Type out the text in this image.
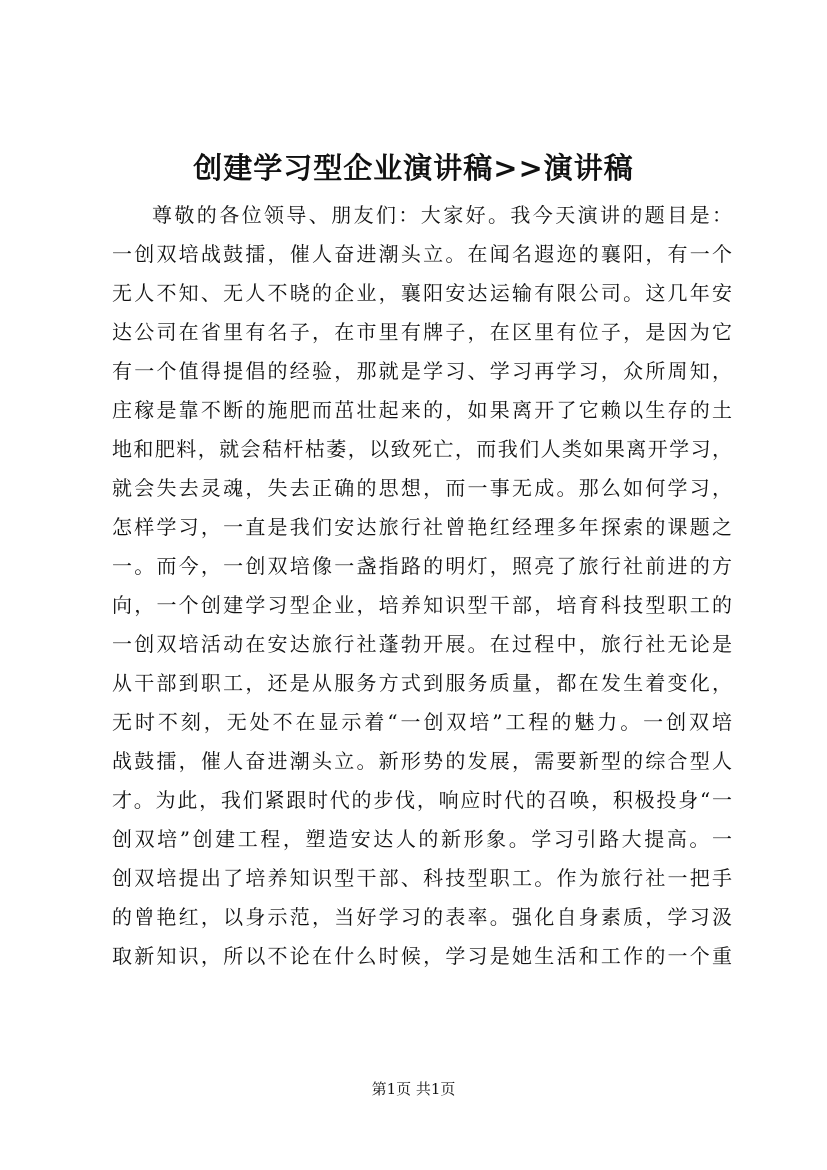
创建学习型企业演讲稿>>演讲稿
尊敬的各位领导、朋友们：大家好。我今天演讲的题目是：
一创双培战鼓擂，催人奋进潮头立。在闻名遐迩的襄阳，有一个
无人不知、无人不晓的企业，襄阳安达运输有限公司。这几年安
达公司在省里有名子，在市里有牌子，在区里有位子，是因为它
有一个值得提倡的经验，那就是学习、学习再学习，众所周知，
庄稼是靠不断的施肥而茁壮起来的，如果离开了它赖以生存的土
地和肥料，就会秸杆枯萎，以致死亡，而我们人类如果离开学习，
就会失去灵魂，失去正确的思想，而一事无成。那么如何学习，
怎样学习，一直是我们安达旅行社曾艳红经理多年探索的课题之
一。而今，一创双培像一盏指路的明灯，照亮了旅行社前进的方
向，一个创建学习型企业，培养知识型干部，培育科技型职工的
一创双培活动在安达旅行社蓬勃开展。在过程中，旅行社无论是
从干部到职工，还是从服务方式到服务质量，都在发生着变化，
无时不刻，无处不在显示着“一创双培”工程的魅力。一创双培
战鼓擂，催人奋进潮头立。新形势的发展，需要新型的综合型人
才。为此，我们紧跟时代的步伐，响应时代的召唤，积极投身“一
创双培”创建工程，塑造安达人的新形象。学习引路大提高。一
创双培提出了培养知识型干部、科技型职工。作为旅行社一把手
的曾艳红，以身示范，当好学习的表率。强化自身素质，学习汲
取新知识，所以不论在什么时候，学习是她生活和工作的一个重
第1页 共1页
